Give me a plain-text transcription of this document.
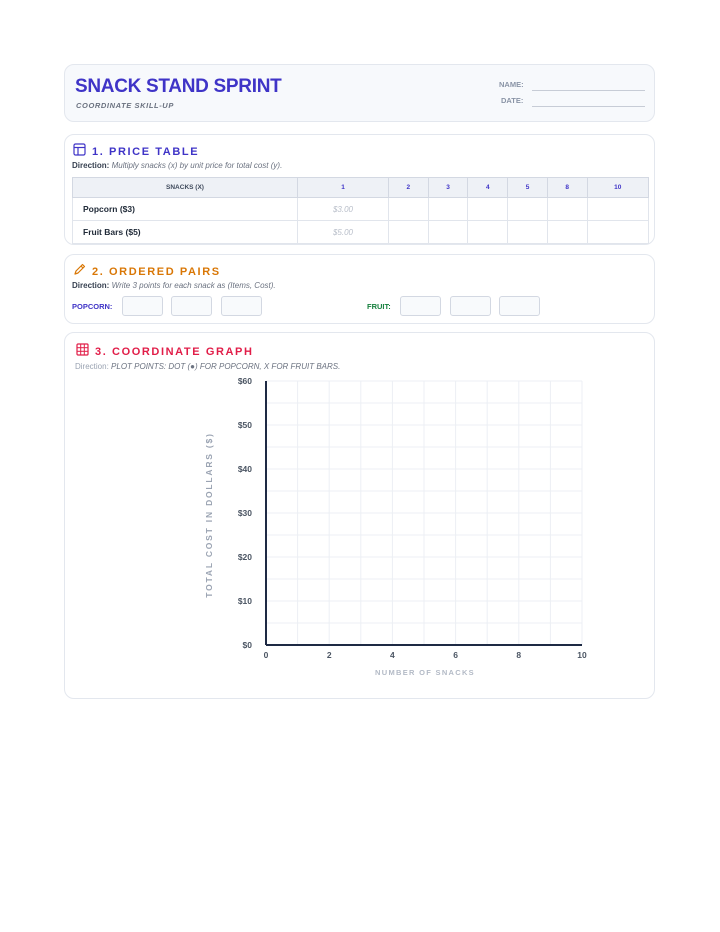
SNACK STAND SPRINT
COORDINATE SKILL-UP
NAME:
DATE:
1. PRICE TABLE
Direction: Multiply snacks (x) by unit price for total cost (y).
SNACKS (X)	1	2	3	4	5	8	10
Popcorn ($3)	$3.00						
Fruit Bars ($5)	$5.00						
2. ORDERED PAIRS
Direction: Write 3 points for each snack as (Items, Cost).
POPCORN:	FRUIT:
3. COORDINATE GRAPH
Direction: PLOT POINTS: DOT (●) FOR POPCORN, X FOR FRUIT BARS.
0	2	4	6	8	10
$0
$10
$20
$30
$40
$50
$60
NUMBER OF SNACKS
TOTAL COST IN DOLLARS ($)
